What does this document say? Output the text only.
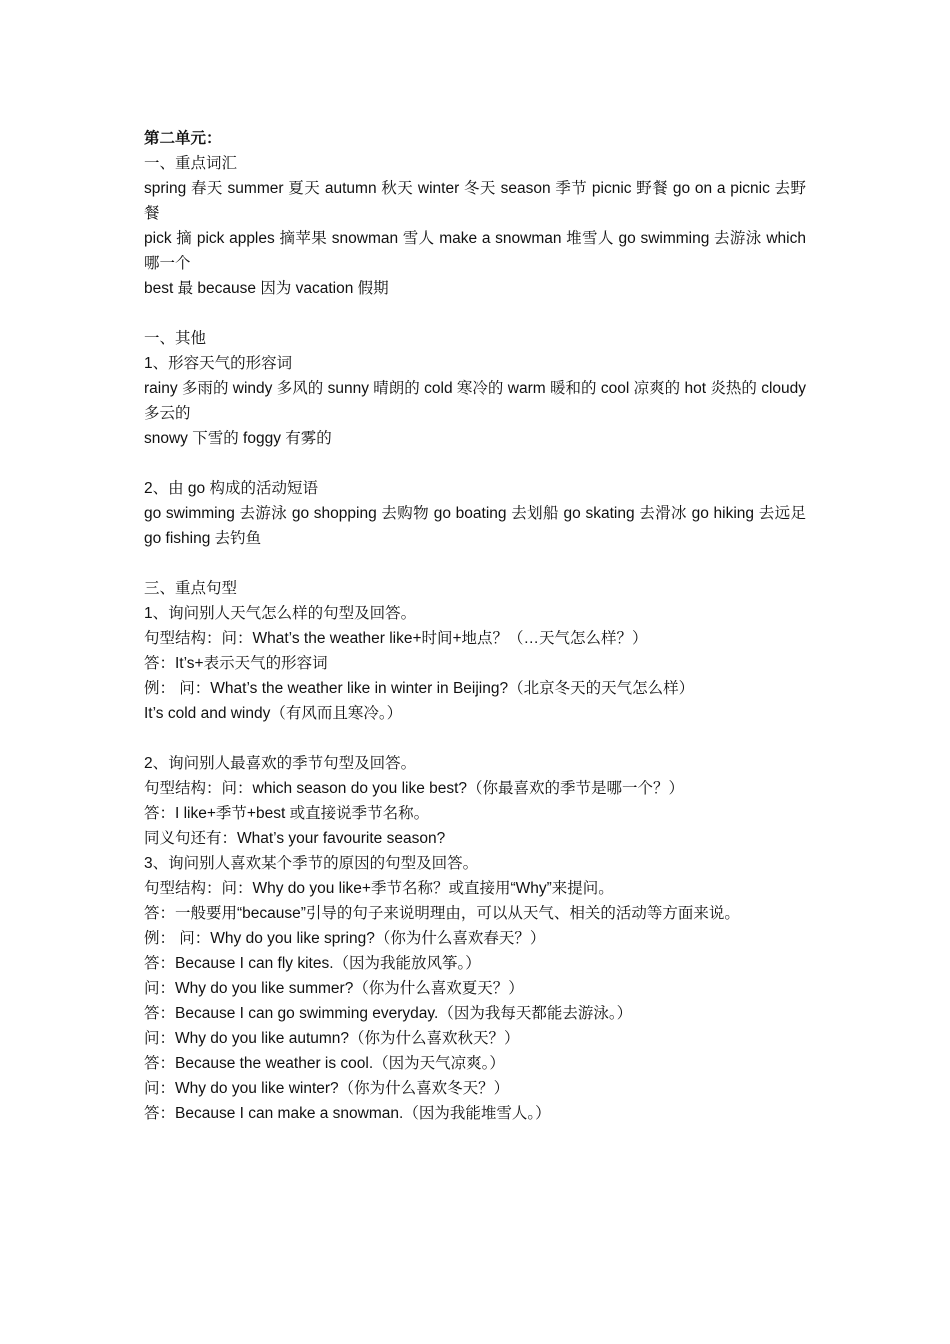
第二单元：
一、重点词汇
spring 春天 summer 夏天 autumn 秋天 winter 冬天 season 季节 picnic 野餐 go on a picnic 去野餐
pick 摘 pick apples 摘苹果 snowman 雪人 make a snowman 堆雪人 go swimming 去游泳 which 哪一个
best 最 because 因为 vacation 假期
一、其他
1、形容天气的形容词
rainy 多雨的 windy 多风的 sunny 晴朗的 cold 寒冷的 warm 暖和的 cool 凉爽的 hot 炎热的 cloudy 多云的
snowy 下雪的 foggy 有雾的
2、由 go 构成的活动短语
go swimming 去游泳 go shopping 去购物 go boating 去划船 go skating 去滑冰 go hiking 去远足 go fishing 去钓鱼
三、重点句型
1、询问别人天气怎么样的句型及回答。
句型结构：问：What’s the weather like+时间+地点？（…天气怎么样？）
答：It’s+表示天气的形容词
例： 问：What’s the weather like in winter in Beijing?（北京冬天的天气怎么样）
It’s cold and windy（有风而且寒冷。）
2、询问别人最喜欢的季节句型及回答。
句型结构：问：which season do you like best?（你最喜欢的季节是哪一个？）
答：I like+季节+best 或直接说季节名称。
同义句还有：What’s your favourite season?
3、询问别人喜欢某个季节的原因的句型及回答。
句型结构：问：Why do you like+季节名称？或直接用“Why”来提问。
答：一般要用“because”引导的句子来说明理由，可以从天气、相关的活动等方面来说。
例： 问：Why do you like spring?（你为什么喜欢春天？）
答：Because I can fly kites.（因为我能放风筝。）
问：Why do you like summer?（你为什么喜欢夏天？）
答：Because I can go swimming everyday.（因为我每天都能去游泳。）
问：Why do you like autumn?（你为什么喜欢秋天？）
答：Because the weather is cool.（因为天气凉爽。）
问：Why do you like winter?（你为什么喜欢冬天？）
答：Because I can make a snowman.（因为我能堆雪人。）
